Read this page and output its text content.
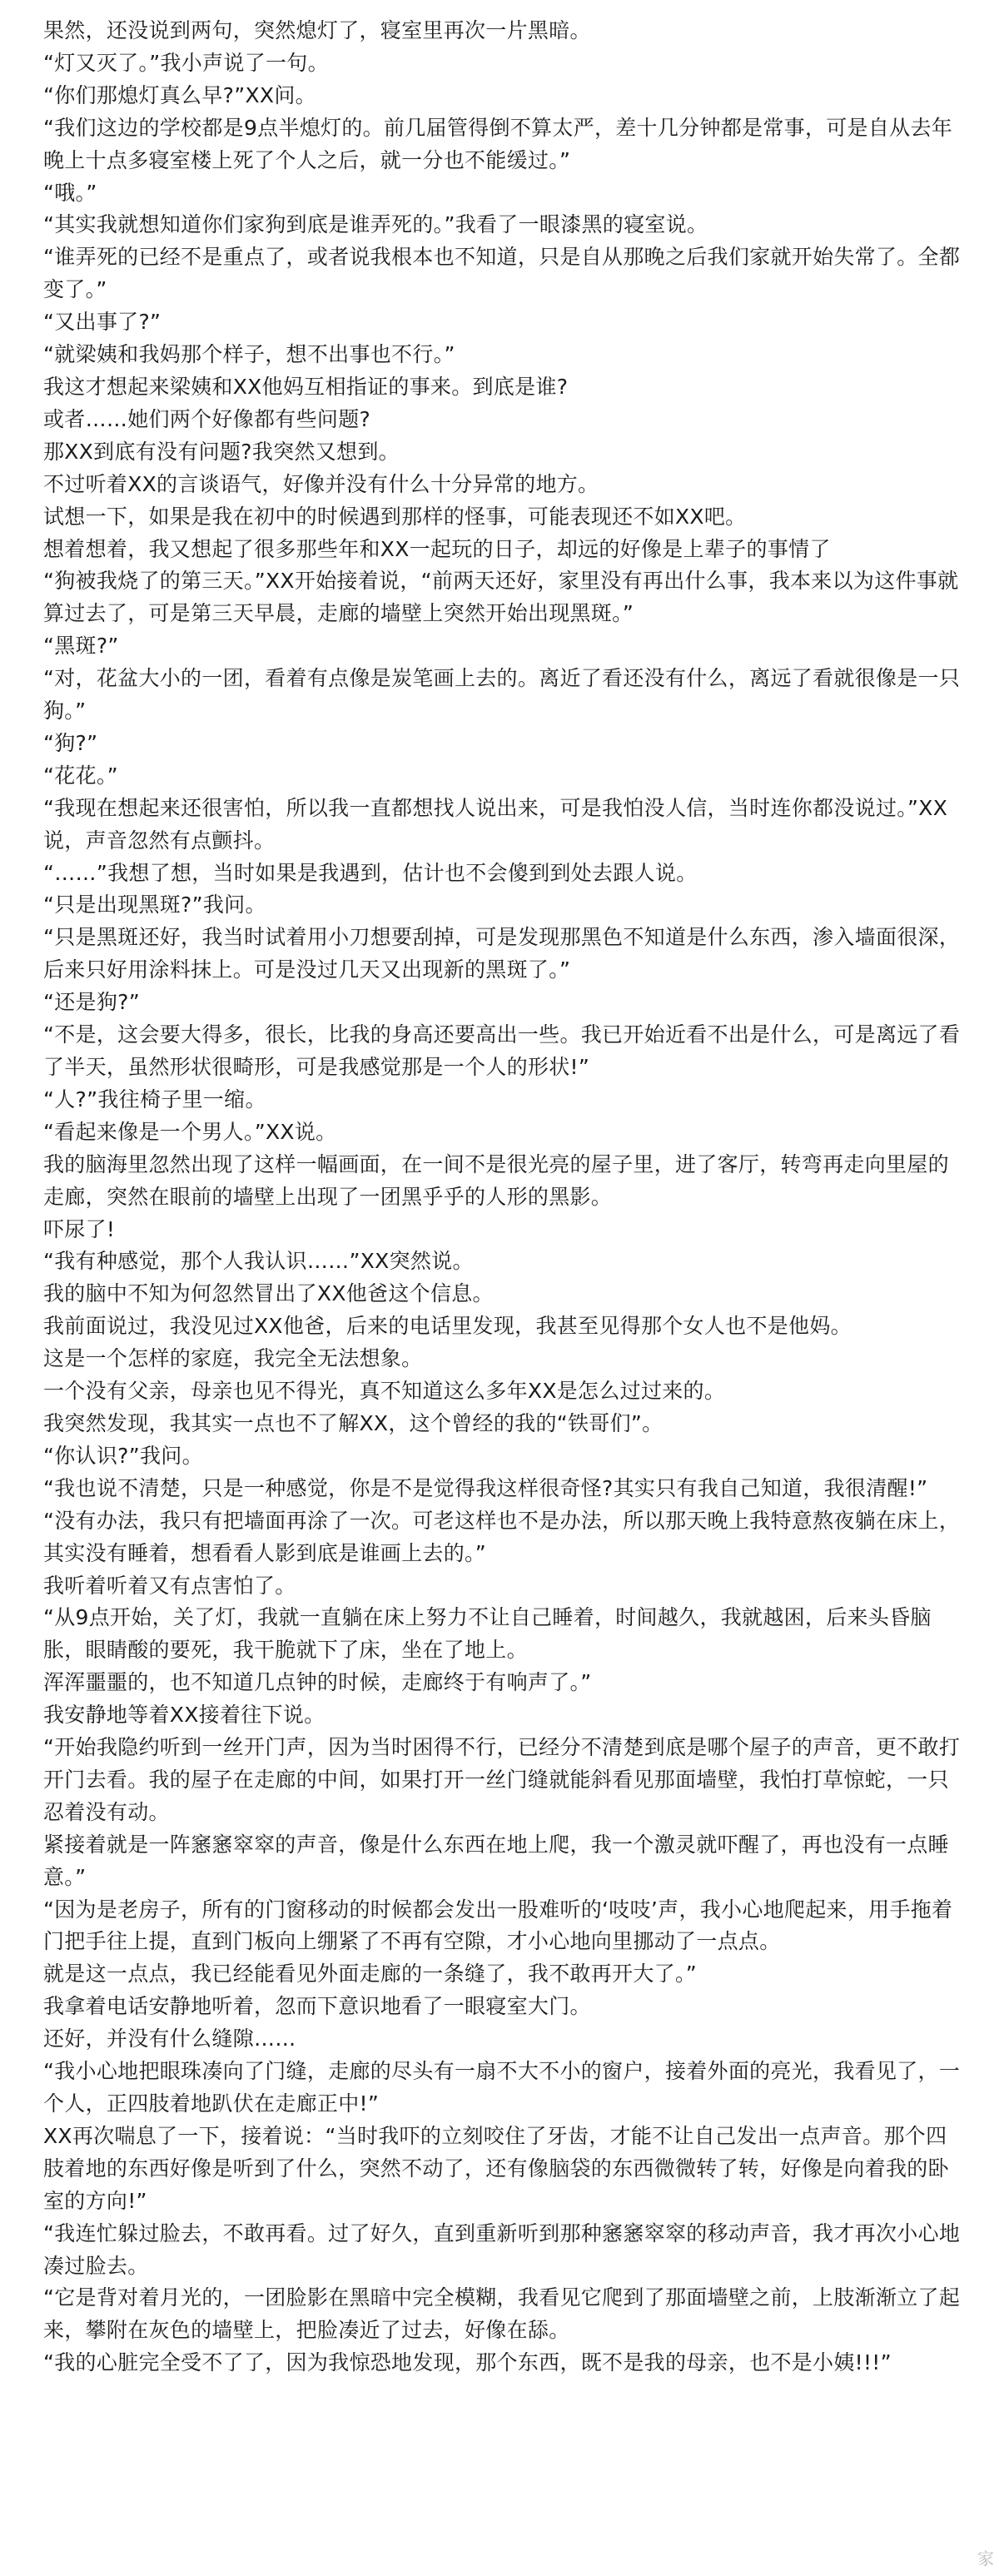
果然，还没说到两句，突然熄灯了，寝室里再次一片黑暗。

“灯又灭了。”我小声说了一句。

“你们那熄灯真么早?”XX问。

“我们这边的学校都是9点半熄灯的。前几届管得倒不算太严，差十几分钟都是常事，可是自从去年晚上十点多寝室楼上死了个人之后，就一分也不能缓过。”

“哦。”

“其实我就想知道你们家狗到底是谁弄死的。”我看了一眼漆黑的寝室说。

“谁弄死的已经不是重点了，或者说我根本也不知道，只是自从那晚之后我们家就开始失常了。全都变了。”

“又出事了?”

“就梁姨和我妈那个样子，想不出事也不行。”

我这才想起来梁姨和XX他妈互相指证的事来。到底是谁?

或者……她们两个好像都有些问题?

那XX到底有没有问题?我突然又想到。

不过听着XX的言谈语气，好像并没有什么十分异常的地方。

试想一下，如果是我在初中的时候遇到那样的怪事，可能表现还不如XX吧。

想着想着，我又想起了很多那些年和XX一起玩的日子，却远的好像是上辈子的事情了

“狗被我烧了的第三天。”XX开始接着说，“前两天还好，家里没有再出什么事，我本来以为这件事就算过去了，可是第三天早晨，走廊的墙壁上突然开始出现黑斑。”

“黑斑?”

“对，花盆大小的一团，看着有点像是炭笔画上去的。离近了看还没有什么，离远了看就很像是一只狗。”

“狗?”

“花花。”

“我现在想起来还很害怕，所以我一直都想找人说出来，可是我怕没人信，当时连你都没说过。”XX说，声音忽然有点颤抖。

“……”我想了想，当时如果是我遇到，估计也不会傻到到处去跟人说。

“只是出现黑斑?”我问。

“只是黑斑还好，我当时试着用小刀想要刮掉，可是发现那黑色不知道是什么东西，渗入墙面很深，后来只好用涂料抹上。可是没过几天又出现新的黑斑了。”

“还是狗?”

“不是，这会要大得多，很长，比我的身高还要高出一些。我已开始近看不出是什么，可是离远了看了半天，虽然形状很畸形，可是我感觉那是一个人的形状!”

“人?”我往椅子里一缩。

“看起来像是一个男人。”XX说。

我的脑海里忽然出现了这样一幅画面，在一间不是很光亮的屋子里，进了客厅，转弯再走向里屋的走廊，突然在眼前的墙壁上出现了一团黑乎乎的人形的黑影。

吓尿了!

“我有种感觉，那个人我认识……”XX突然说。

我的脑中不知为何忽然冒出了XX他爸这个信息。

我前面说过，我没见过XX他爸，后来的电话里发现，我甚至见得那个女人也不是他妈。

这是一个怎样的家庭，我完全无法想象。

一个没有父亲，母亲也见不得光，真不知道这么多年XX是怎么过过来的。

我突然发现，我其实一点也不了解XX，这个曾经的我的“铁哥们”。

“你认识?”我问。

“我也说不清楚，只是一种感觉，你是不是觉得我这样很奇怪?其实只有我自己知道，我很清醒!”

“没有办法，我只有把墙面再涂了一次。可老这样也不是办法，所以那天晚上我特意熬夜躺在床上，其实没有睡着，想看看人影到底是谁画上去的。”

我听着听着又有点害怕了。

“从9点开始，关了灯，我就一直躺在床上努力不让自己睡着，时间越久，我就越困，后来头昏脑胀，眼睛酸的要死，我干脆就下了床，坐在了地上。

浑浑噩噩的，也不知道几点钟的时候，走廊终于有响声了。”

我安静地等着XX接着往下说。

“开始我隐约听到一丝开门声，因为当时困得不行，已经分不清楚到底是哪个屋子的声音，更不敢打开门去看。我的屋子在走廊的中间，如果打开一丝门缝就能斜看见那面墙壁，我怕打草惊蛇，一只忍着没有动。

紧接着就是一阵窸窸窣窣的声音，像是什么东西在地上爬，我一个激灵就吓醒了，再也没有一点睡意。”

“因为是老房子，所有的门窗移动的时候都会发出一股难听的‘吱吱’声，我小心地爬起来，用手拖着门把手往上提，直到门板向上绷紧了不再有空隙，才小心地向里挪动了一点点。

就是这一点点，我已经能看见外面走廊的一条缝了，我不敢再开大了。”

我拿着电话安静地听着，忽而下意识地看了一眼寝室大门。

还好，并没有什么缝隙……

“我小心地把眼珠凑向了门缝，走廊的尽头有一扇不大不小的窗户，接着外面的亮光，我看见了，一个人，正四肢着地趴伏在走廊正中!”

XX再次喘息了一下，接着说：“当时我吓的立刻咬住了牙齿，才能不让自己发出一点声音。那个四肢着地的东西好像是听到了什么，突然不动了，还有像脑袋的东西微微转了转，好像是向着我的卧室的方向!”

“我连忙躲过脸去，不敢再看。过了好久，直到重新听到那种窸窸窣窣的移动声音，我才再次小心地凑过脸去。

“它是背对着月光的，一团脸影在黑暗中完全模糊，我看见它爬到了那面墙壁之前，上肢渐渐立了起来，攀附在灰色的墙壁上，把脸凑近了过去，好像在舔。

“我的心脏完全受不了了，因为我惊恐地发现，那个东西，既不是我的母亲，也不是小姨!!!”

家
